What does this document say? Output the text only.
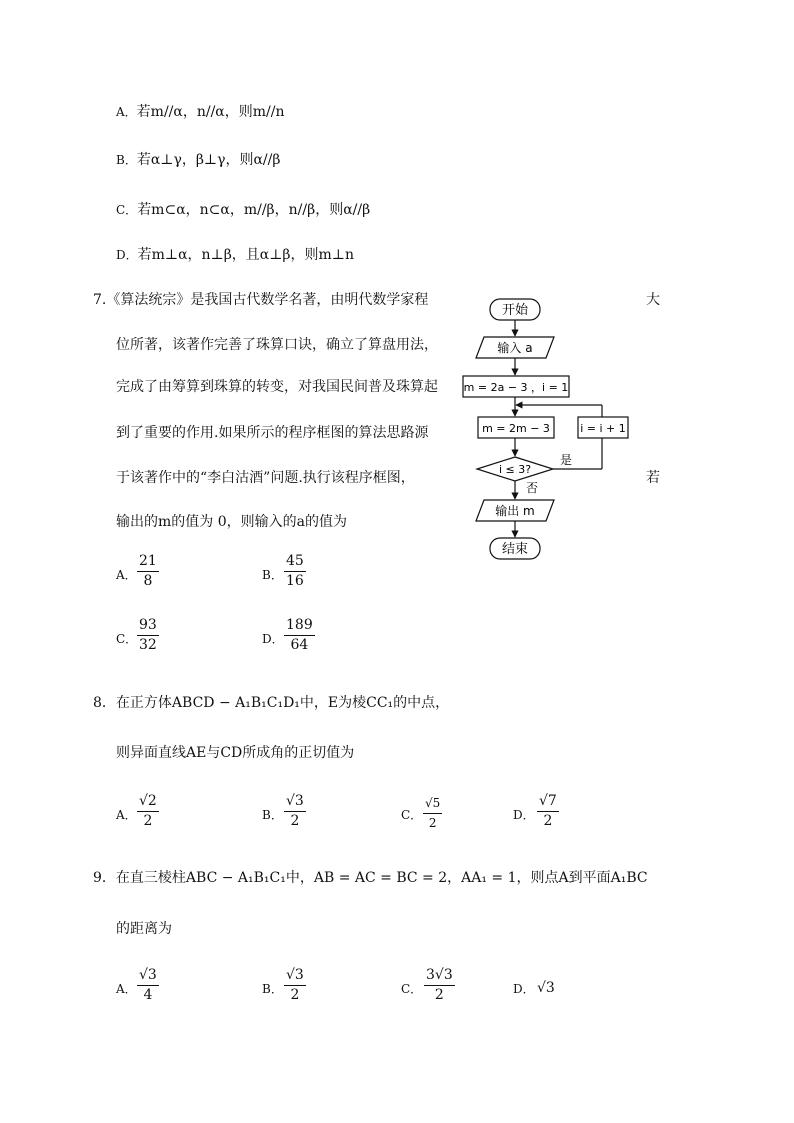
A．若m//α，n//α，则m//n
B．若α⊥γ，β⊥γ，则α//β
C．若m⊂α，n⊂α，m//β，n//β，则α//β
D．若m⊥α，n⊥β，且α⊥β，则m⊥n
7.《算法统宗》是我国古代数学名著，由明代数学家程	大
位所著，该著作完善了珠算口诀，确立了算盘用法，
完成了由筹算到珠算的转变，对我国民间普及珠算起
到了重要的作用.如果所示的程序框图的算法思路源
于该著作中的“李白沽酒”问题.执行该程序框图，	若
输出的m的值为 0，则输入的a的值为
A． $\frac{21}{8}$	B． $\frac{45}{16}$
C． $\frac{93}{32}$	D． $\frac{189}{64}$
开始
输入 a
m = 2a − 3 ，i = 1
m = 2m − 3
i ≤ 3?
是
i = i + 1
否
输出 m
结束
8．在正方体ABCD − A₁B₁C₁D₁中，E为棱CC₁的中点，
则异面直线AE与CD所成角的正切值为
A． $\frac{√2}{2}$	B． $\frac{√3}{2}$	C． $\frac{√5}{2}$	D． $\frac{√7}{2}$
9．在直三棱柱ABC − A₁B₁C₁中，AB = AC = BC = 2，AA₁ = 1，则点A到平面A₁BC
的距离为
A． $\frac{√3}{4}$	B． $\frac{√3}{2}$	C． $\frac{3√3}{2}$	D． √3
